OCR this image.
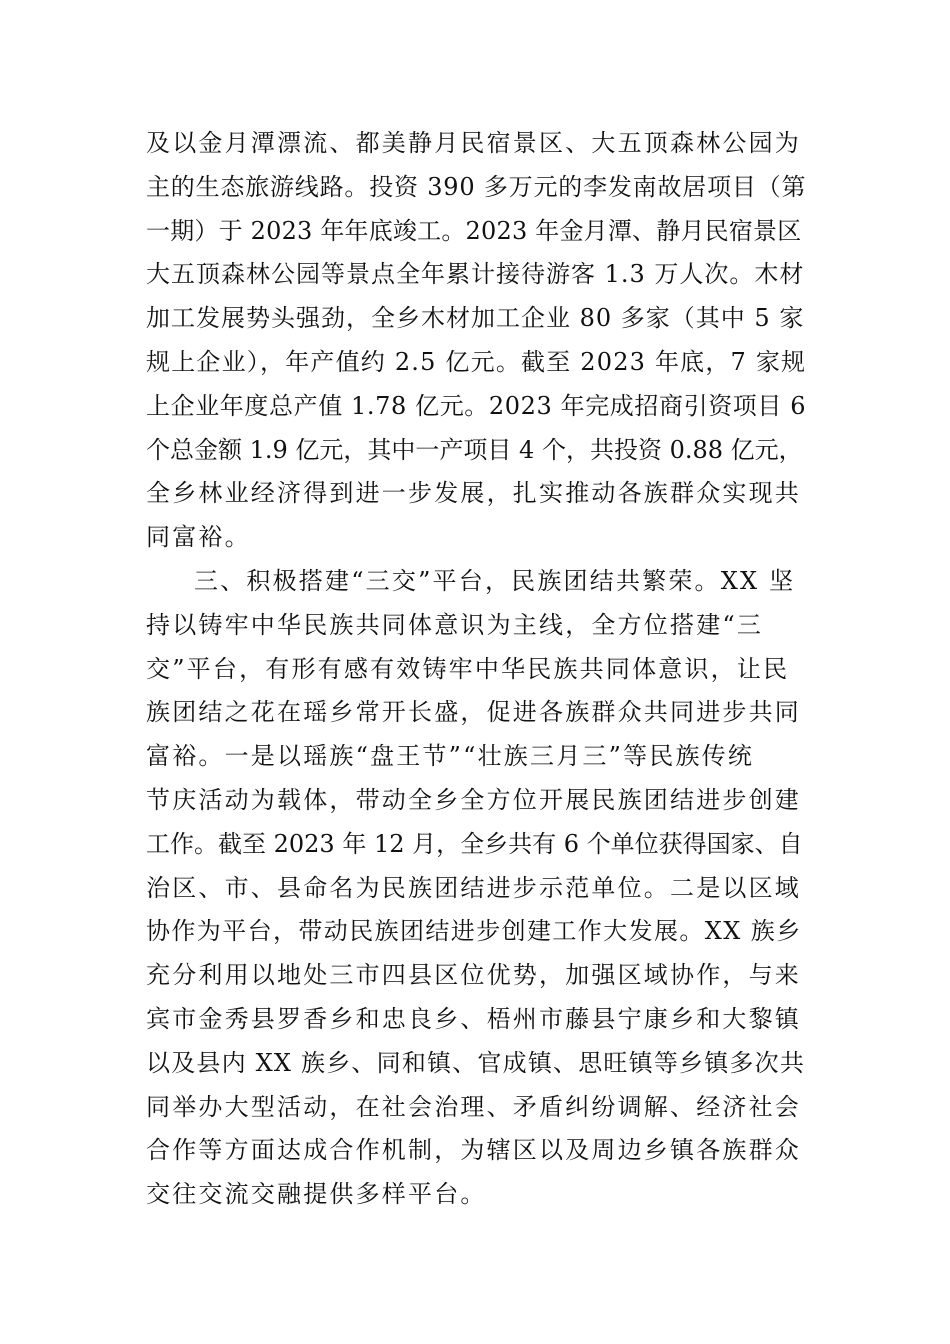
及以金月潭漂流、都美静月民宿景区、大五顶森林公园为
主的生态旅游线路。投资 390 多万元的李发南故居项目（第
一期）于 2023 年年底竣工。2023 年金月潭、静月民宿景区
大五顶森林公园等景点全年累计接待游客 1.3 万人次。木材
加工发展势头强劲，全乡木材加工企业 80 多家（其中 5 家
规上企业），年产值约 2.5 亿元。截至 2023 年底，7 家规
上企业年度总产值 1.78 亿元。2023 年完成招商引资项目 6
个总金额 1.9 亿元，其中一产项目 4 个，共投资 0.88 亿元，
全乡林业经济得到进一步发展，扎实推动各族群众实现共
同富裕。
三、积极搭建“三交”平台，民族团结共繁荣。XX 坚
持以铸牢中华民族共同体意识为主线，全方位搭建“三
交”平台，有形有感有效铸牢中华民族共同体意识，让民
族团结之花在瑶乡常开长盛，促进各族群众共同进步共同
富裕。一是以瑶族“盘王节”“壮族三月三”等民族传统
节庆活动为载体，带动全乡全方位开展民族团结进步创建
工作。截至 2023 年 12 月，全乡共有 6 个单位获得国家、自
治区、市、县命名为民族团结进步示范单位。二是以区域
协作为平台，带动民族团结进步创建工作大发展。XX 族乡
充分利用以地处三市四县区位优势，加强区域协作，与来
宾市金秀县罗香乡和忠良乡、梧州市藤县宁康乡和大黎镇
以及县内 XX 族乡、同和镇、官成镇、思旺镇等乡镇多次共
同举办大型活动，在社会治理、矛盾纠纷调解、经济社会
合作等方面达成合作机制，为辖区以及周边乡镇各族群众
交往交流交融提供多样平台。
